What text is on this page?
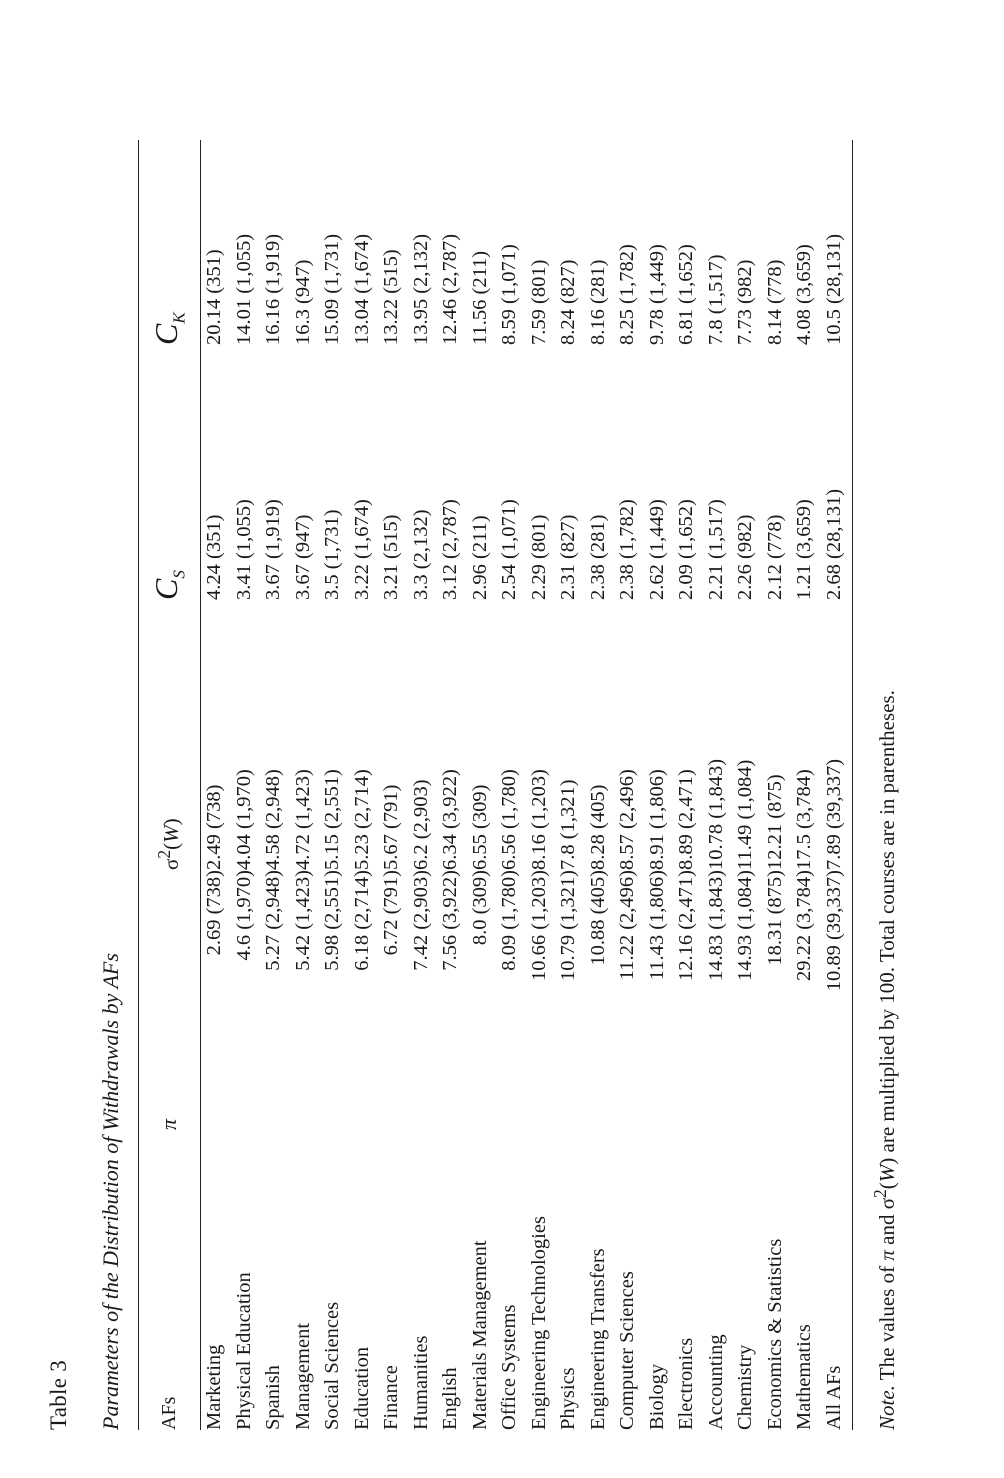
Table 3 Parameters of the Distribution of Withdrawals by AFs AFs	π	$\sigma^2(W)$	$C_S$	$C_K$
Marketing	2.69 (738)	2.49 (738)	4.24 (351)	20.14 (351)
Physical Education	4.6 (1,970)	4.04 (1,970)	3.41 (1,055)	14.01 (1,055)
Spanish	5.27 (2,948)	4.58 (2,948)	3.67 (1,919)	16.16 (1,919)
Management	5.42 (1,423)	4.72 (1,423)	3.67 (947)	16.3 (947)
Social Sciences	5.98 (2,551)	5.15 (2,551)	3.5 (1,731)	15.09 (1,731)
Education	6.18 (2,714)	5.23 (2,714)	3.22 (1,674)	13.04 (1,674)
Finance	6.72 (791)	5.67 (791)	3.21 (515)	13.22 (515)
Humanities	7.42 (2,903)	6.2 (2,903)	3.3 (2,132)	13.95 (2,132)
English	7.56 (3,922)	6.34 (3,922)	3.12 (2,787)	12.46 (2,787)
Materials Management	8.0 (309)	6.55 (309)	2.96 (211)	11.56 (211)
Office Systems	8.09 (1,780)	6.56 (1,780)	2.54 (1,071)	8.59 (1,071)
Engineering Technologies	10.66 (1,203)	8.16 (1,203)	2.29 (801)	7.59 (801)
Physics	10.79 (1,321)	7.8 (1,321)	2.31 (827)	8.24 (827)
Engineering Transfers	10.88 (405)	8.28 (405)	2.38 (281)	8.16 (281)
Computer Sciences	11.22 (2,496)	8.57 (2,496)	2.38 (1,782)	8.25 (1,782)
Biology	11.43 (1,806)	8.91 (1,806)	2.62 (1,449)	9.78 (1,449)
Electronics	12.16 (2,471)	8.89 (2,471)	2.09 (1,652)	6.81 (1,652)
Accounting	14.83 (1,843)	10.78 (1,843)	2.21 (1,517)	7.8 (1,517)
Chemistry	14.93 (1,084)	11.49 (1,084)	2.26 (982)	7.73 (982)
Economics & Statistics	18.31 (875)	12.21 (875)	2.12 (778)	8.14 (778)
Mathematics	29.22 (3,784)	17.5 (3,784)	1.21 (3,659)	4.08 (3,659)
All AFs	10.89 (39,337)	7.89 (39,337)	2.68 (28,131)	10.5 (28,131)
Note. The values of π and $\sigma^2(W)$ are multiplied by 100. Total courses are in parentheses.
